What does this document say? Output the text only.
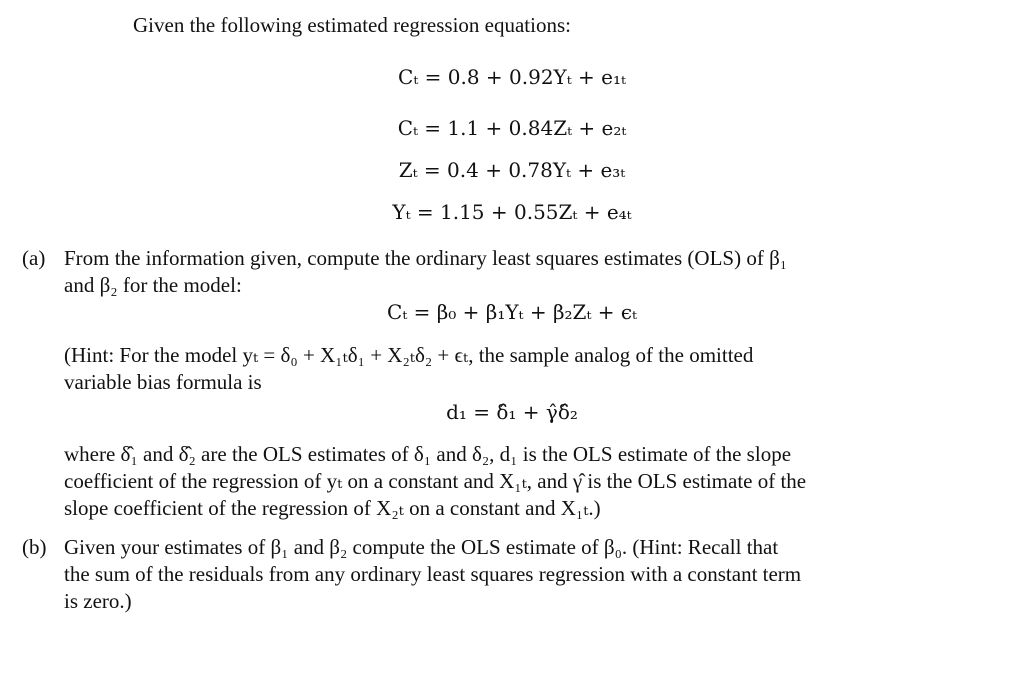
Given the following estimated regression equations:
Cₜ = 0.8 + 0.92Yₜ + e₁ₜ
Cₜ = 1.1 + 0.84Zₜ + e₂ₜ
Zₜ = 0.4 + 0.78Yₜ + e₃ₜ
Yₜ = 1.15 + 0.55Zₜ + e₄ₜ
(a) From the information given, compute the ordinary least squares estimates (OLS) of β₁
and β₂ for the model:
Cₜ = β₀ + β₁Yₜ + β₂Zₜ + ϵₜ
(Hint: For the model yₜ = δ₀ + X₁ₜδ₁ + X₂ₜδ₂ + ϵₜ, the sample analog of the omitted
variable bias formula is
d₁ = δ̂₁ + γ̂δ̂₂
where δ̂₁ and δ̂₂ are the OLS estimates of δ₁ and δ₂, d₁ is the OLS estimate of the slope
coefficient of the regression of yₜ on a constant and X₁ₜ, and γ̂ is the OLS estimate of the
slope coefficient of the regression of X₂ₜ on a constant and X₁ₜ.)
(b) Given your estimates of β₁ and β₂ compute the OLS estimate of β₀. (Hint: Recall that
the sum of the residuals from any ordinary least squares regression with a constant term
is zero.)
